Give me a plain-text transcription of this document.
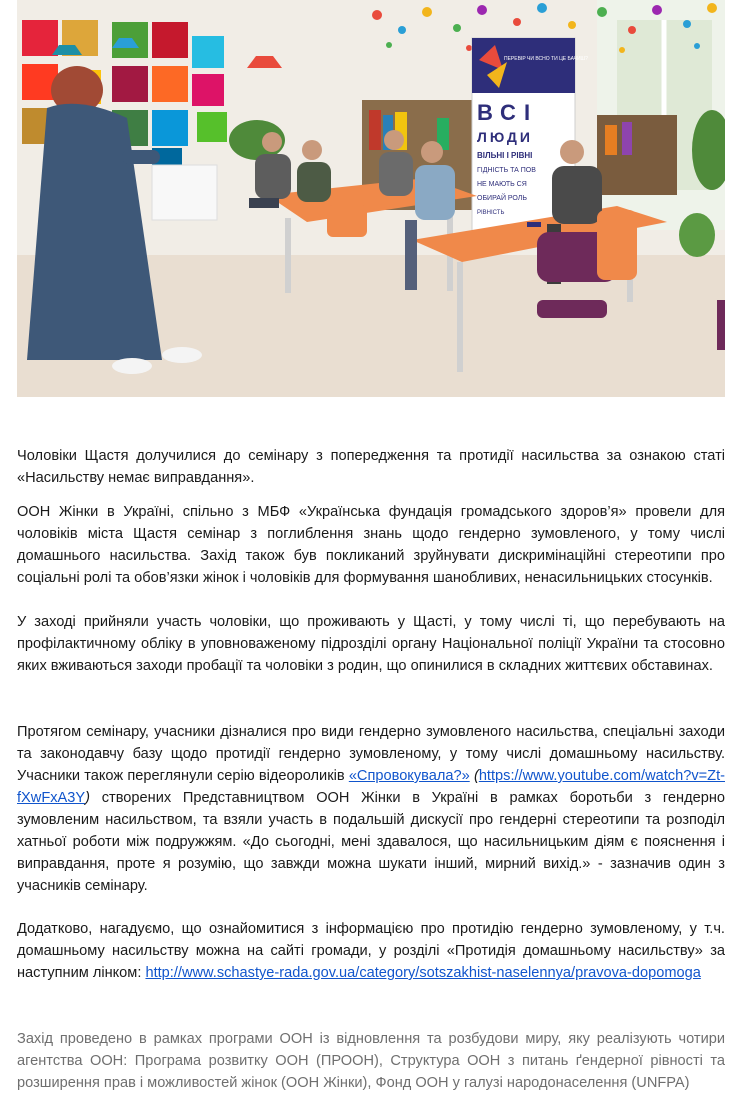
ПЕРЕВІР ЧИ ВСНО ТИ ЦЕ БАЧИШ?
ВСІ
ЛЮДИ
ВІЛЬНІ І РІВНІ
ГІДНІСТЬ ТА ПОВ
НЕ МАЮТЬ СЯ
ОБИРАЙ РОЛЬ
РІВНІСТЬ

Чоловіки Щастя долучилися до семінару з попередження та протидії насильства за ознакою статі «Насильству немає виправдання».

ООН Жінки в Україні, спільно з МБФ «Українська фундація громадського здоров’я» провели для чоловіків міста Щастя семінар з поглиблення знань щодо гендерно зумовленого, у тому числі домашнього насильства. Захід також був покликаний зруйнувати дискримінаційні стереотипи про соціальні ролі та обов’язки жінок і чоловіків для формування шанобливих, ненасильницьких стосунків.

У заході прийняли участь чоловіки, що проживають у Щасті, у тому числі ті, що перебувають на профілактичному обліку в уповноваженому підрозділі органу Національної поліції України та стосовно яких вживаються заходи пробації та чоловіки з родин, що опинилися в складних життєвих обставинах.

Протягом семінару, учасники дізналися про види гендерно зумовленого насильства, спеціальні заходи та законодавчу базу щодо протидії гендерно зумовленому, у тому числі домашньому насильству. Учасники також переглянули серію відеороликів «Спровокувала?» (https://www.youtube.com/watch?v=Zt-fXwFxA3Y) створених Представництвом ООН Жінки в Україні в рамках боротьби з гендерно зумовленим насильством, та взяли участь в подальшій дискусії про гендерні стереотипи та розподіл хатньої роботи між подружжям. «До сьогодні, мені здавалося, що насильницьким діям є пояснення і виправдання, проте я розумію, що завжди можна шукати інший, мирний вихід.» - зазначив один з учасників семінару.

Додатково, нагадуємо, що ознайомитися з інформацією про протидію гендерно зумовленому, у т.ч. домашньому насильству можна на сайті громади, у розділі «Протидія домашньому насильству» за наступним лінком: http://www.schastye-rada.gov.ua/category/sotszakhist-naselennya/pravova-dopomoga

Захід проведено в рамках програми ООН із відновлення та розбудови миру, яку реалізують чотири агентства ООН: Програма розвитку ООН (ПРООН), Структура ООН з питань ґендерної рівності та розширення прав і можливостей жінок (ООН Жінки), Фонд ООН у галузі народонаселення (UNFPA)
